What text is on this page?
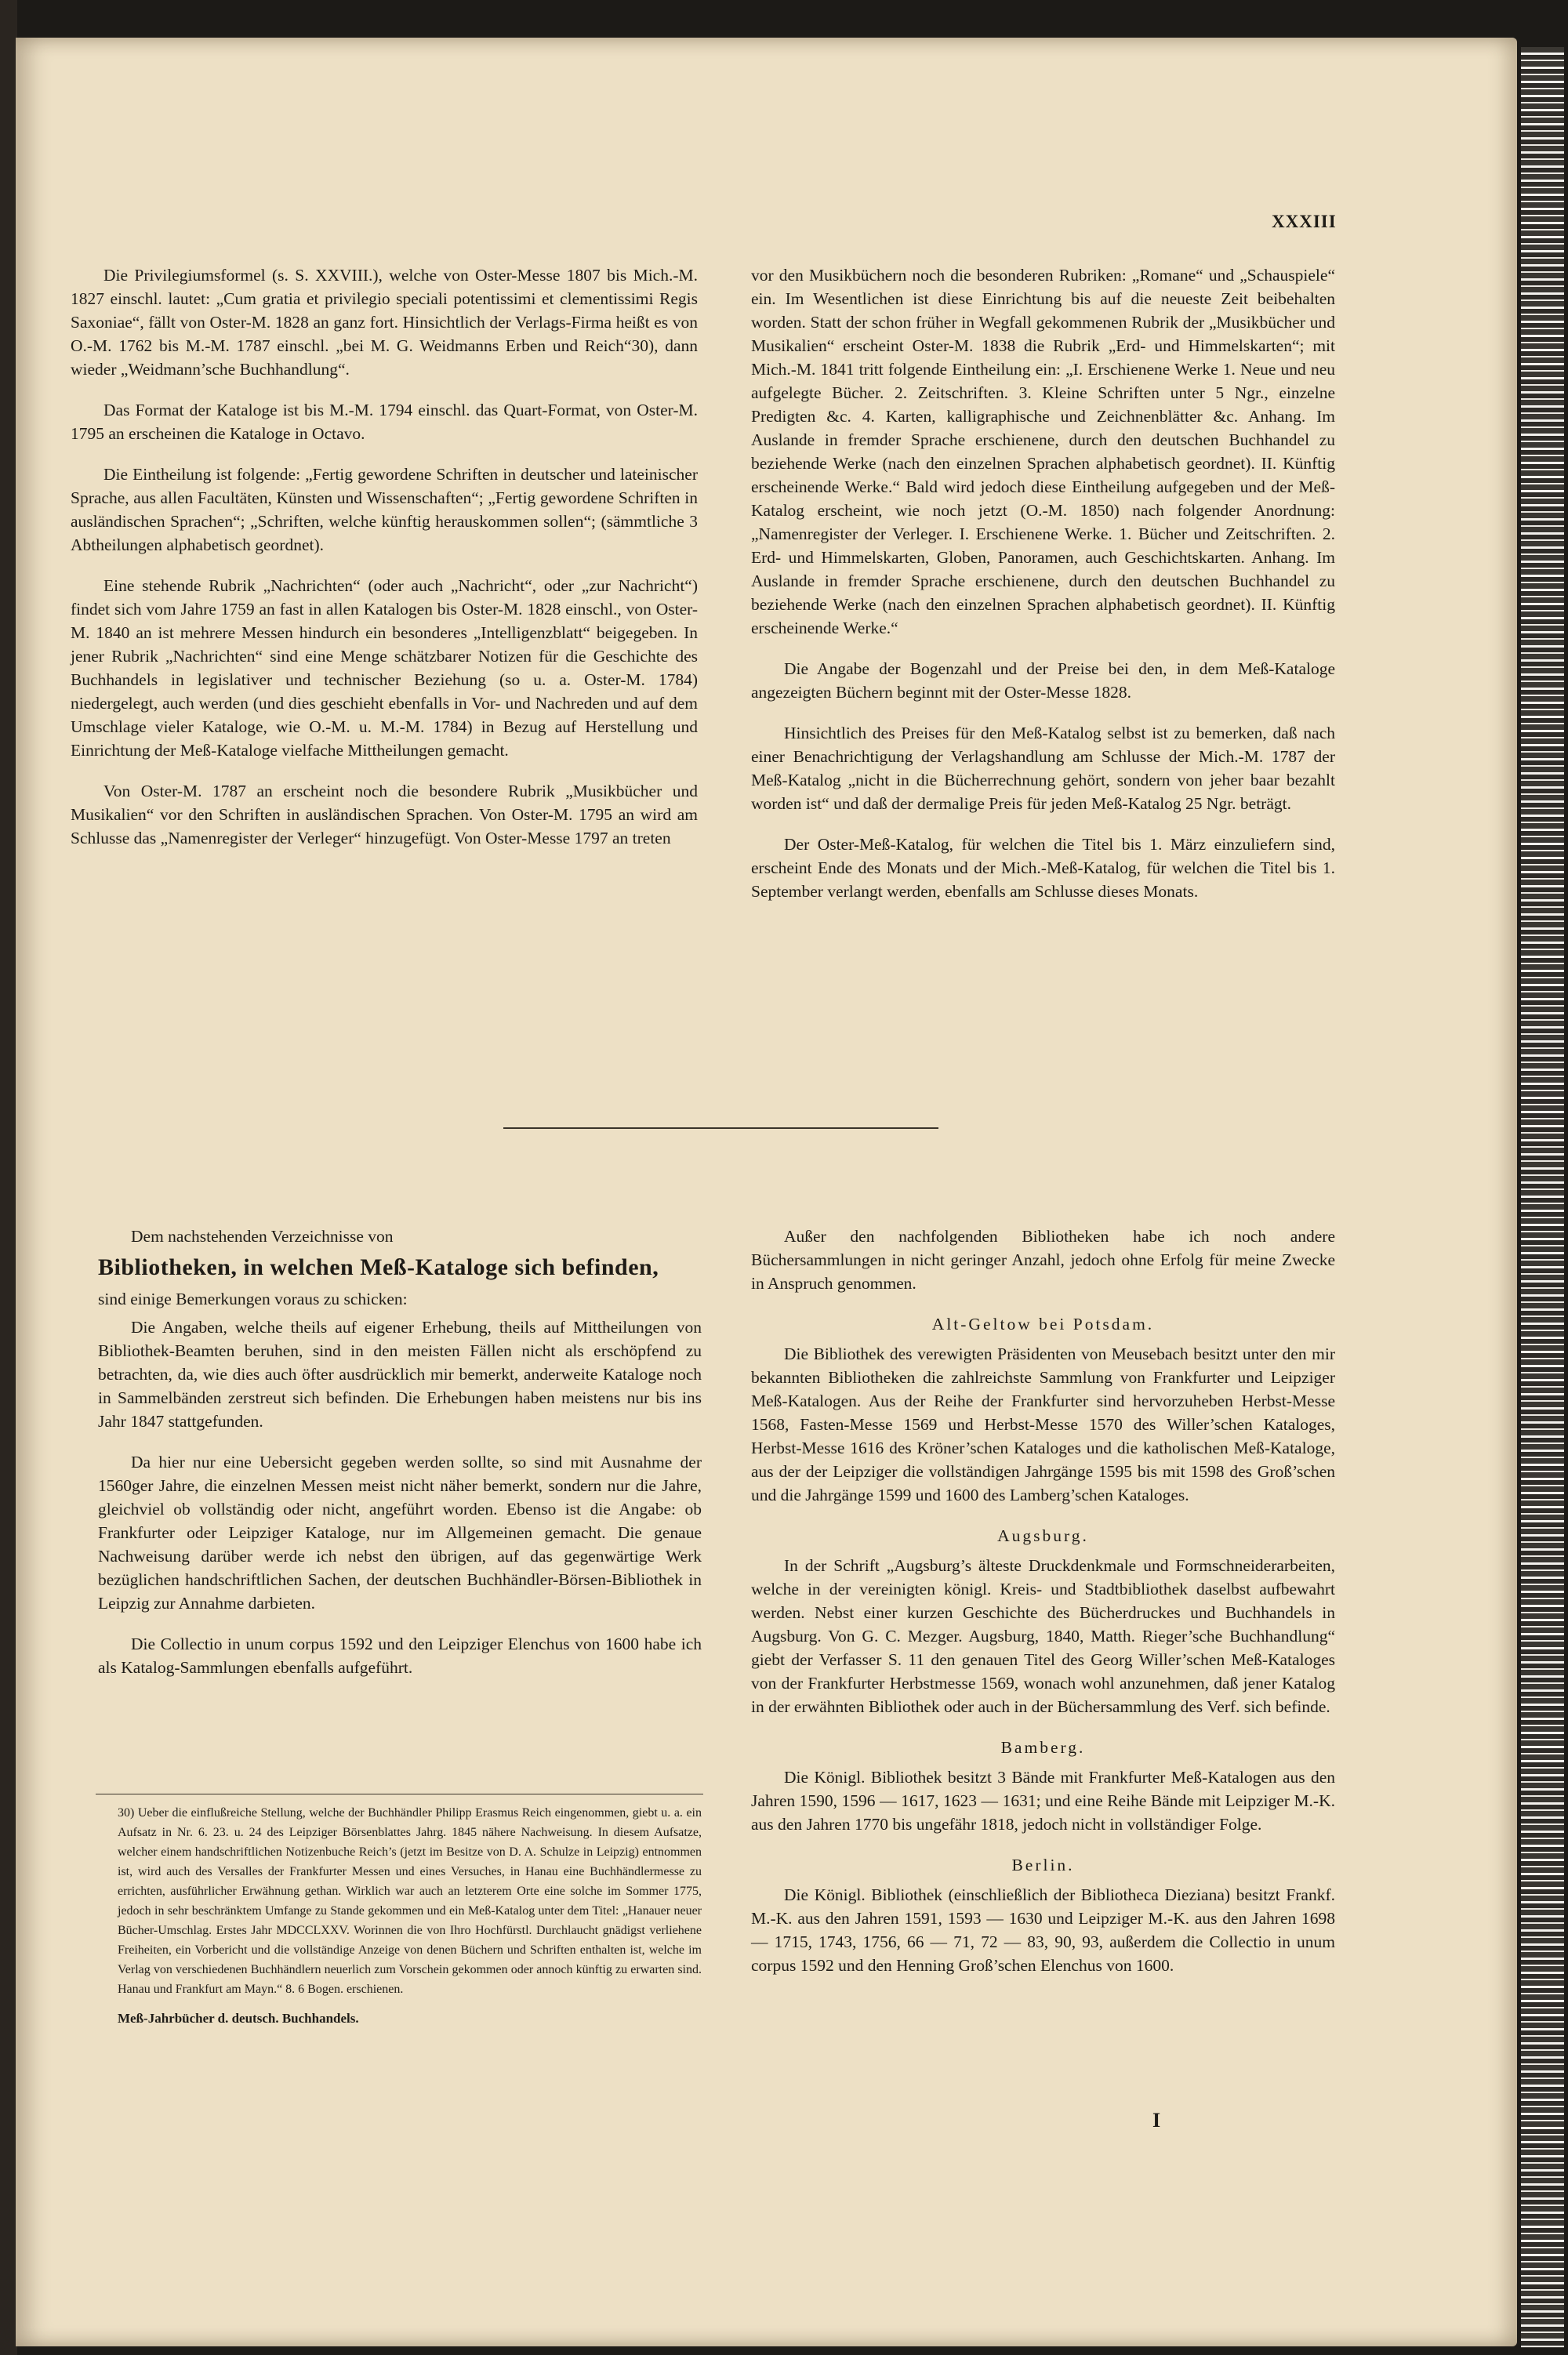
XXXIII

Die Privilegiumsformel (s. S. XXVIII.), welche von Oster-Messe 1807 bis Mich.-M. 1827 einschl. lautet: „Cum gratia et privilegio speciali potentissimi et clementissimi Regis Saxoniae“, fällt von Oster-M. 1828 an ganz fort. Hinsichtlich der Verlags-Firma heißt es von O.-M. 1762 bis M.-M. 1787 einschl. „bei M. G. Weidmanns Erben und Reich“30), dann wieder „Weidmann’sche Buchhandlung“.

Das Format der Kataloge ist bis M.-M. 1794 einschl. das Quart-Format, von Oster-M. 1795 an erscheinen die Kataloge in Octavo.

Die Eintheilung ist folgende: „Fertig gewordene Schriften in deutscher und lateinischer Sprache, aus allen Facultäten, Künsten und Wissenschaften“; „Fertig gewordene Schriften in ausländischen Sprachen“; „Schriften, welche künftig herauskommen sollen“; (sämmtliche 3 Abtheilungen alphabetisch geordnet).

Eine stehende Rubrik „Nachrichten“ (oder auch „Nachricht“, oder „zur Nachricht“) findet sich vom Jahre 1759 an fast in allen Katalogen bis Oster-M. 1828 einschl., von Oster-M. 1840 an ist mehrere Messen hindurch ein besonderes „Intelligenzblatt“ beigegeben. In jener Rubrik „Nachrichten“ sind eine Menge schätzbarer Notizen für die Geschichte des Buchhandels in legislativer und technischer Beziehung (so u. a. Oster-M. 1784) niedergelegt, auch werden (und dies geschieht ebenfalls in Vor- und Nachreden und auf dem Umschlage vieler Kataloge, wie O.-M. u. M.-M. 1784) in Bezug auf Herstellung und Einrichtung der Meß-Kataloge vielfache Mittheilungen gemacht.

Von Oster-M. 1787 an erscheint noch die besondere Rubrik „Musikbücher und Musikalien“ vor den Schriften in ausländischen Sprachen. Von Oster-M. 1795 an wird am Schlusse das „Namenregister der Verleger“ hinzugefügt. Von Oster-Messe 1797 an treten

vor den Musikbüchern noch die besonderen Rubriken: „Romane“ und „Schauspiele“ ein. Im Wesentlichen ist diese Einrichtung bis auf die neueste Zeit beibehalten worden. Statt der schon früher in Wegfall gekommenen Rubrik der „Musikbücher und Musikalien“ erscheint Oster-M. 1838 die Rubrik „Erd- und Himmelskarten“; mit Mich.-M. 1841 tritt folgende Eintheilung ein: „I. Erschienene Werke 1. Neue und neu aufgelegte Bücher. 2. Zeitschriften. 3. Kleine Schriften unter 5 Ngr., einzelne Predigten &c. 4. Karten, kalligraphische und Zeichnenblätter &c. Anhang. Im Auslande in fremder Sprache erschienene, durch den deutschen Buchhandel zu beziehende Werke (nach den einzelnen Sprachen alphabetisch geordnet). II. Künftig erscheinende Werke.“ Bald wird jedoch diese Eintheilung aufgegeben und der Meß-Katalog erscheint, wie noch jetzt (O.-M. 1850) nach folgender Anordnung: „Namenregister der Verleger. I. Erschienene Werke. 1. Bücher und Zeitschriften. 2. Erd- und Himmelskarten, Globen, Panoramen, auch Geschichtskarten. Anhang. Im Auslande in fremder Sprache erschienene, durch den deutschen Buchhandel zu beziehende Werke (nach den einzelnen Sprachen alphabetisch geordnet). II. Künftig erscheinende Werke.“

Die Angabe der Bogenzahl und der Preise bei den, in dem Meß-Kataloge angezeigten Büchern beginnt mit der Oster-Messe 1828.

Hinsichtlich des Preises für den Meß-Katalog selbst ist zu bemerken, daß nach einer Benachrichtigung der Verlagshandlung am Schlusse der Mich.-M. 1787 der Meß-Katalog „nicht in die Bücherrechnung gehört, sondern von jeher baar bezahlt worden ist“ und daß der dermalige Preis für jeden Meß-Katalog 25 Ngr. beträgt.

Der Oster-Meß-Katalog, für welchen die Titel bis 1. März einzuliefern sind, erscheint Ende des Monats und der Mich.-Meß-Katalog, für welchen die Titel bis 1. September verlangt werden, ebenfalls am Schlusse dieses Monats.

Dem nachstehenden Verzeichnisse von

Bibliotheken, in welchen Meß-Kataloge sich befinden,

sind einige Bemerkungen voraus zu schicken:

Die Angaben, welche theils auf eigener Erhebung, theils auf Mittheilungen von Bibliothek-Beamten beruhen, sind in den meisten Fällen nicht als erschöpfend zu betrachten, da, wie dies auch öfter ausdrücklich mir bemerkt, anderweite Kataloge noch in Sammelbänden zerstreut sich befinden. Die Erhebungen haben meistens nur bis ins Jahr 1847 stattgefunden.

Da hier nur eine Uebersicht gegeben werden sollte, so sind mit Ausnahme der 1560ger Jahre, die einzelnen Messen meist nicht näher bemerkt, sondern nur die Jahre, gleichviel ob vollständig oder nicht, angeführt worden. Ebenso ist die Angabe: ob Frankfurter oder Leipziger Kataloge, nur im Allgemeinen gemacht. Die genaue Nachweisung darüber werde ich nebst den übrigen, auf das gegenwärtige Werk bezüglichen handschriftlichen Sachen, der deutschen Buchhändler-Börsen-Bibliothek in Leipzig zur Annahme darbieten.

Die Collectio in unum corpus 1592 und den Leipziger Elenchus von 1600 habe ich als Katalog-Sammlungen ebenfalls aufgeführt.

30) Ueber die einflußreiche Stellung, welche der Buchhändler Philipp Erasmus Reich eingenommen, giebt u. a. ein Aufsatz in Nr. 6. 23. u. 24 des Leipziger Börsenblattes Jahrg. 1845 nähere Nachweisung. In diesem Aufsatze, welcher einem handschriftlichen Notizenbuche Reich’s (jetzt im Besitze von D. A. Schulze in Leipzig) entnommen ist, wird auch des Versalles der Frankfurter Messen und eines Versuches, in Hanau eine Buchhändlermesse zu errichten, ausführlicher Erwähnung gethan. Wirklich war auch an letzterem Orte eine solche im Sommer 1775, jedoch in sehr beschränktem Umfange zu Stande gekommen und ein Meß-Katalog unter dem Titel: „Hanauer neuer Bücher-Umschlag. Erstes Jahr MDCCLXXV. Worinnen die von Ihro Hochfürstl. Durchlaucht gnädigst verliehene Freiheiten, ein Vorbericht und die vollständige Anzeige von denen Büchern und Schriften enthalten ist, welche im Verlag von verschiedenen Buchhändlern neuerlich zum Vorschein gekommen oder annoch künftig zu erwarten sind. Hanau und Frankfurt am Mayn.“ 8. 6 Bogen. erschienen.

Meß-Jahrbücher d. deutsch. Buchhandels.

Außer den nachfolgenden Bibliotheken habe ich noch andere Büchersammlungen in nicht geringer Anzahl, jedoch ohne Erfolg für meine Zwecke in Anspruch genommen.

Alt-Geltow bei Potsdam.

Die Bibliothek des verewigten Präsidenten von Meusebach besitzt unter den mir bekannten Bibliotheken die zahlreichste Sammlung von Frankfurter und Leipziger Meß-Katalogen. Aus der Reihe der Frankfurter sind hervorzuheben Herbst-Messe 1568, Fasten-Messe 1569 und Herbst-Messe 1570 des Willer’schen Kataloges, Herbst-Messe 1616 des Kröner’schen Kataloges und die katholischen Meß-Kataloge, aus der der Leipziger die vollständigen Jahrgänge 1595 bis mit 1598 des Groß’schen und die Jahrgänge 1599 und 1600 des Lamberg’schen Kataloges.

Augsburg.

In der Schrift „Augsburg’s älteste Druckdenkmale und Formschneiderarbeiten, welche in der vereinigten königl. Kreis- und Stadtbibliothek daselbst aufbewahrt werden. Nebst einer kurzen Geschichte des Bücherdruckes und Buchhandels in Augsburg. Von G. C. Mezger. Augsburg, 1840, Matth. Rieger’sche Buchhandlung“ giebt der Verfasser S. 11 den genauen Titel des Georg Willer’schen Meß-Kataloges von der Frankfurter Herbstmesse 1569, wonach wohl anzunehmen, daß jener Katalog in der erwähnten Bibliothek oder auch in der Büchersammlung des Verf. sich befinde.

Bamberg.

Die Königl. Bibliothek besitzt 3 Bände mit Frankfurter Meß-Katalogen aus den Jahren 1590, 1596 — 1617, 1623 — 1631; und eine Reihe Bände mit Leipziger M.-K. aus den Jahren 1770 bis ungefähr 1818, jedoch nicht in vollständiger Folge.

Berlin.

Die Königl. Bibliothek (einschließlich der Bibliotheca Dieziana) besitzt Frankf. M.-K. aus den Jahren 1591, 1593 — 1630 und Leipziger M.-K. aus den Jahren 1698 — 1715, 1743, 1756, 66 — 71, 72 — 83, 90, 93, außerdem die Collectio in unum corpus 1592 und den Henning Groß’schen Elenchus von 1600.

I
